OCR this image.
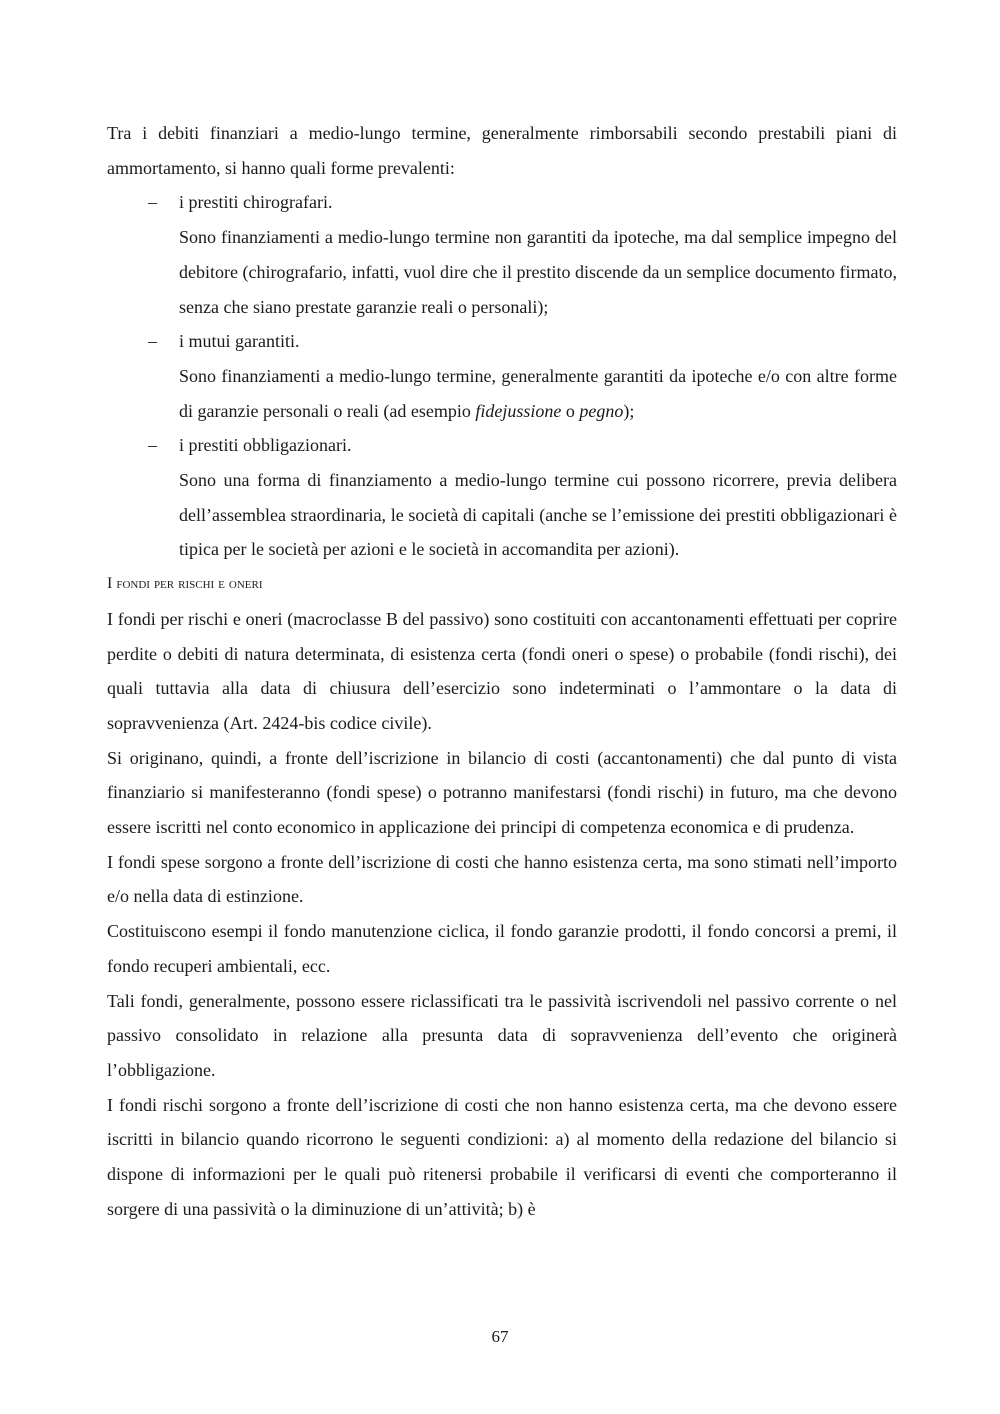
Tra i debiti finanziari a medio-lungo termine, generalmente rimborsabili secondo prestabili piani di ammortamento, si hanno quali forme prevalenti:

– i prestiti chirografari.
Sono finanziamenti a medio-lungo termine non garantiti da ipoteche, ma dal semplice impegno del debitore (chirografario, infatti, vuol dire che il prestito discende da un semplice documento firmato, senza che siano prestate garanzie reali o personali);
– i mutui garantiti.
Sono finanziamenti a medio-lungo termine, generalmente garantiti da ipoteche e/o con altre forme di garanzie personali o reali (ad esempio fidejussione o pegno);
– i prestiti obbligazionari.
Sono una forma di finanziamento a medio-lungo termine cui possono ricorrere, previa delibera dell’assemblea straordinaria, le società di capitali (anche se l’emissione dei prestiti obbligazionari è tipica per le società per azioni e le società in accomandita per azioni).

I fondi per rischi e oneri

I fondi per rischi e oneri (macroclasse B del passivo) sono costituiti con accantonamenti effettuati per coprire perdite o debiti di natura determinata, di esistenza certa (fondi oneri o spese) o probabile (fondi rischi), dei quali tuttavia alla data di chiusura dell’esercizio sono indeterminati o l’ammontare o la data di sopravvenienza (Art. 2424-bis codice civile).

Si originano, quindi, a fronte dell’iscrizione in bilancio di costi (accantonamenti) che dal punto di vista finanziario si manifesteranno (fondi spese) o potranno manifestarsi (fondi rischi) in futuro, ma che devono essere iscritti nel conto economico in applicazione dei principi di competenza economica e di prudenza.

I fondi spese sorgono a fronte dell’iscrizione di costi che hanno esistenza certa, ma sono stimati nell’importo e/o nella data di estinzione.

Costituiscono esempi il fondo manutenzione ciclica, il fondo garanzie prodotti, il fondo concorsi a premi, il fondo recuperi ambientali, ecc.

Tali fondi, generalmente, possono essere riclassificati tra le passività iscrivendoli nel passivo corrente o nel passivo consolidato in relazione alla presunta data di sopravvenienza dell’evento che originerà l’obbligazione.

I fondi rischi sorgono a fronte dell’iscrizione di costi che non hanno esistenza certa, ma che devono essere iscritti in bilancio quando ricorrono le seguenti condizioni: a) al momento della redazione del bilancio si dispone di informazioni per le quali può ritenersi probabile il verificarsi di eventi che comporteranno il sorgere di una passività o la diminuzione di un’attività; b) è

67
